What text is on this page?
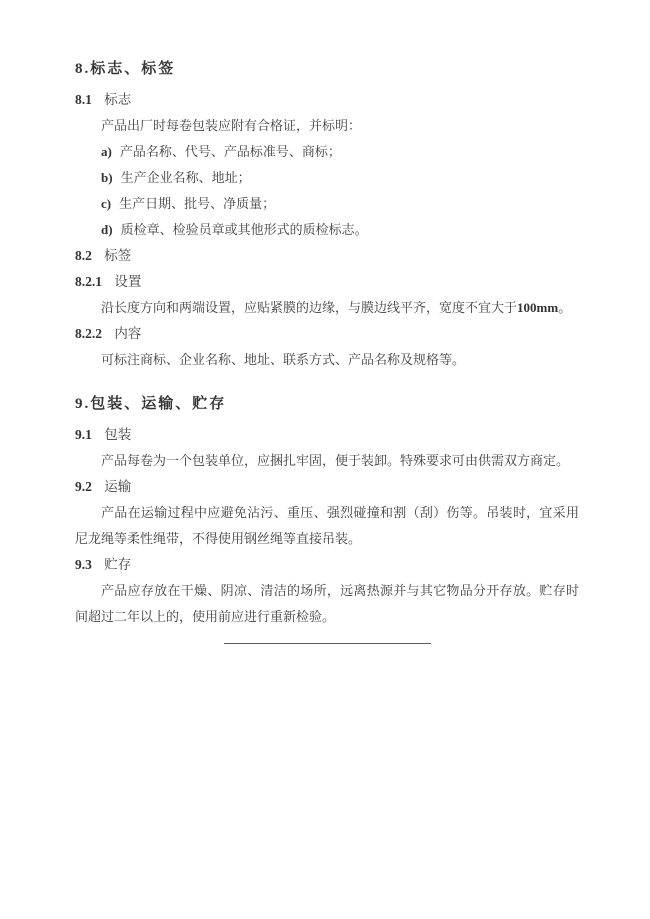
8.标志、标签
8.1 标志

产品出厂时每卷包装应附有合格证，并标明：

a) 产品名称、代号、产品标准号、商标；
b) 生产企业名称、地址；
c) 生产日期、批号、净质量；
d) 质检章、检验员章或其他形式的质检标志。
8.2 标签
8.2.1 设置

沿长度方向和两端设置，应贴紧膜的边缘，与膜边线平齐，宽度不宜大于100mm。

8.2.2 内容

可标注商标、企业名称、地址、联系方式、产品名称及规格等。

9.包装、运输、贮存
9.1 包装

产品每卷为一个包装单位，应捆扎牢固，便于装卸。特殊要求可由供需双方商定。

9.2 运输

产品在运输过程中应避免沾污、重压、强烈碰撞和割（刮）伤等。吊装时，宜采用尼龙绳等柔性绳带，不得使用钢丝绳等直接吊装。

9.3 贮存

产品应存放在干燥、阴凉、清洁的场所，远离热源并与其它物品分开存放。贮存时间超过二年以上的，使用前应进行重新检验。
